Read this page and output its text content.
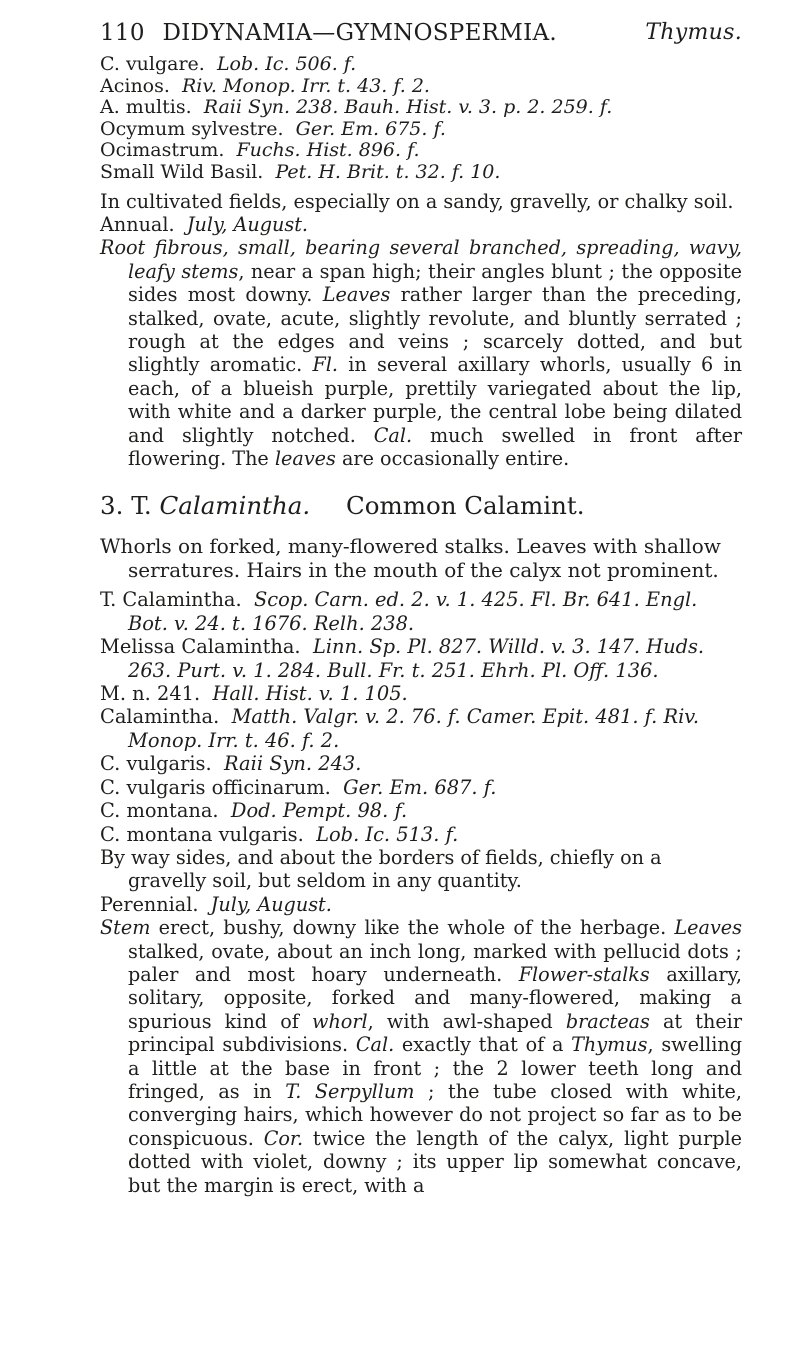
110 DIDYNAMIA—GYMNOSPERMIA.	Thymus.

C. vulgare. Lob. Ic. 506. f.

Acinos. Riv. Monop. Irr. t. 43. f. 2.

A. multis. Raii Syn. 238. Bauh. Hist. v. 3. p. 2. 259. f.

Ocymum sylvestre. Ger. Em. 675. f.

Ocimastrum. Fuchs. Hist. 896. f.

Small Wild Basil. Pet. H. Brit. t. 32. f. 10.

In cultivated fields, especially on a sandy, gravelly, or chalky soil.

Annual. July, August.

Root fibrous, small, bearing several branched, spreading, wavy, leafy stems, near a span high; their angles blunt ; the opposite sides most downy. Leaves rather larger than the preceding, stalked, ovate, acute, slightly revolute, and bluntly serrated ; rough at the edges and veins ; scarcely dotted, and but slightly aromatic. Fl. in several axillary whorls, usually 6 in each, of a blueish purple, prettily variegated about the lip, with white and a darker purple, the central lobe being dilated and slightly notched. Cal. much swelled in front after flowering. The leaves are occasionally entire.

3. T. Calamintha. Common Calamint.

Whorls on forked, many-flowered stalks. Leaves with shallow serratures. Hairs in the mouth of the calyx not prominent.

T. Calamintha. Scop. Carn. ed. 2. v. 1. 425. Fl. Br. 641. Engl. Bot. v. 24. t. 1676. Relh. 238.

Melissa Calamintha. Linn. Sp. Pl. 827. Willd. v. 3. 147. Huds. 263. Purt. v. 1. 284. Bull. Fr. t. 251. Ehrh. Pl. Off. 136.

M. n. 241. Hall. Hist. v. 1. 105.

Calamintha. Matth. Valgr. v. 2. 76. f. Camer. Epit. 481. f. Riv. Monop. Irr. t. 46. f. 2.

C. vulgaris. Raii Syn. 243.

C. vulgaris officinarum. Ger. Em. 687. f.

C. montana. Dod. Pempt. 98. f.

C. montana vulgaris. Lob. Ic. 513. f.

By way sides, and about the borders of fields, chiefly on a gravelly soil, but seldom in any quantity.

Perennial. July, August.

Stem erect, bushy, downy like the whole of the herbage. Leaves stalked, ovate, about an inch long, marked with pellucid dots ; paler and most hoary underneath. Flower-stalks axillary, solitary, opposite, forked and many-flowered, making a spurious kind of whorl, with awl-shaped bracteas at their principal subdivisions. Cal. exactly that of a Thymus, swelling a little at the base in front ; the 2 lower teeth long and fringed, as in T. Serpyllum ; the tube closed with white, converging hairs, which however do not project so far as to be conspicuous. Cor. twice the length of the calyx, light purple dotted with violet, downy ; its upper lip somewhat concave, but the margin is erect, with a
